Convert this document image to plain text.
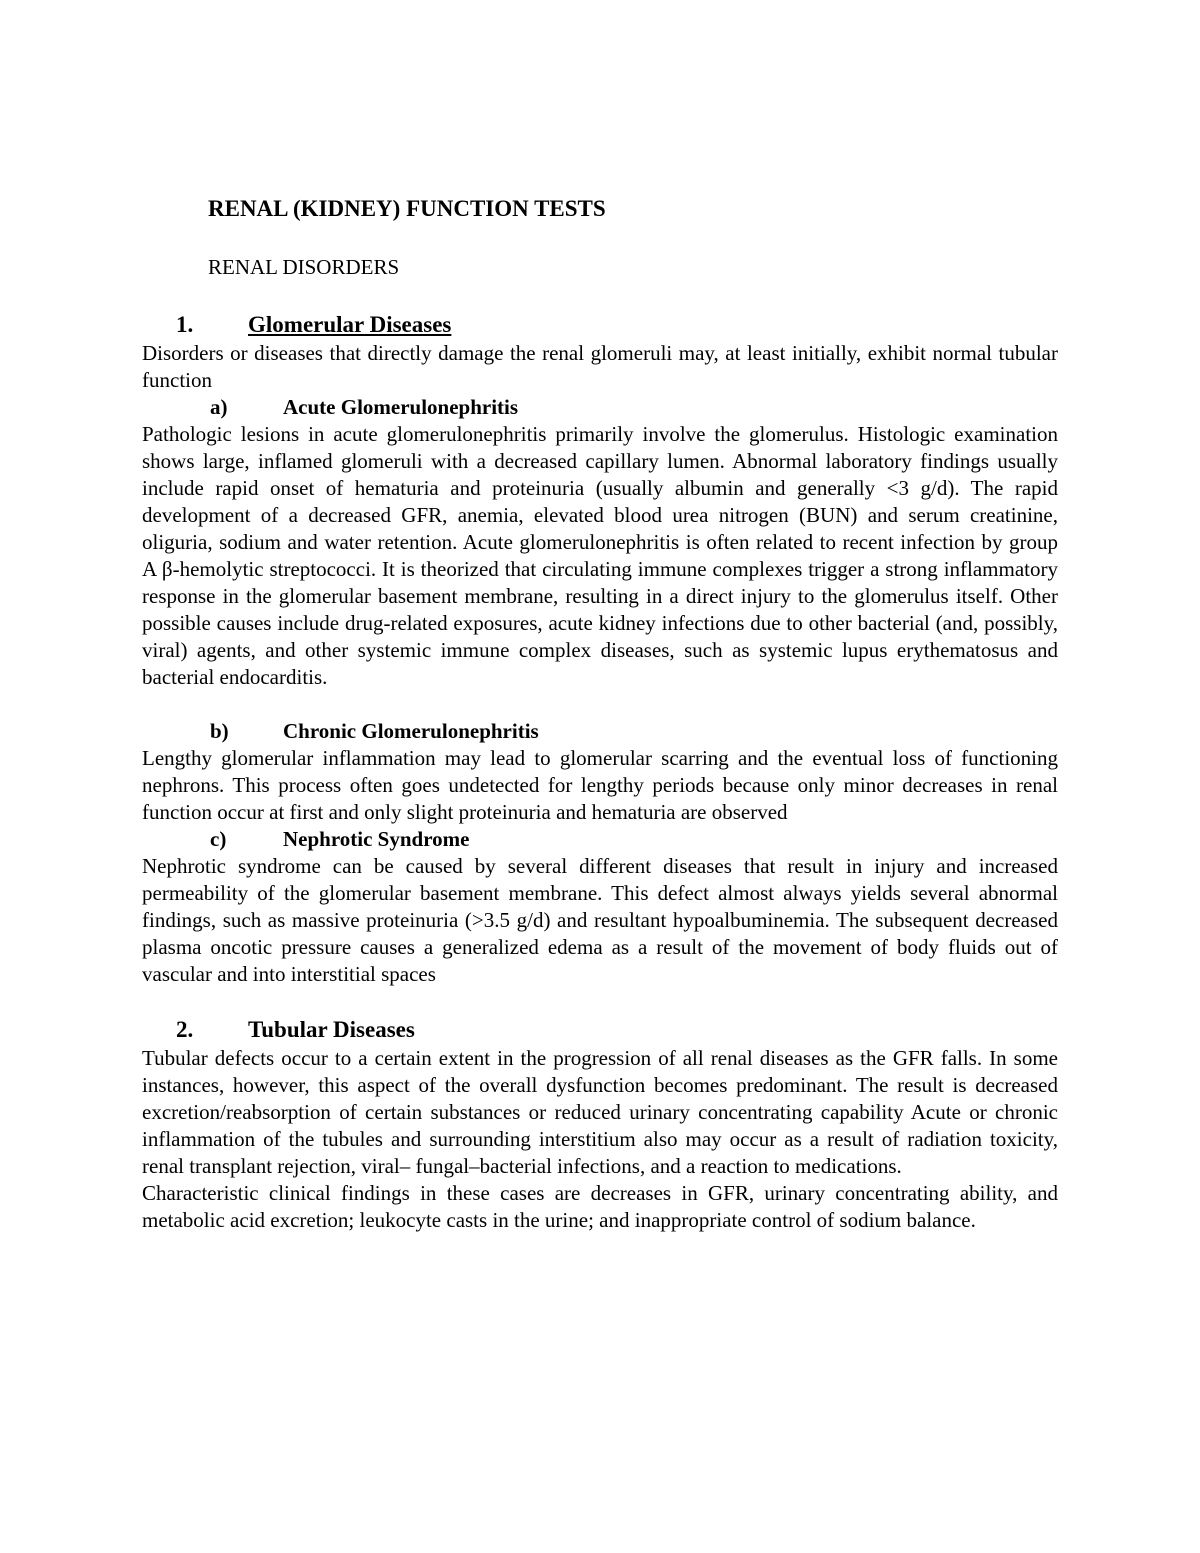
RENAL (KIDNEY) FUNCTION TESTS
RENAL DISORDERS
1. Glomerular Diseases

Disorders or diseases that directly damage the renal glomeruli may, at least initially, exhibit normal tubular function

a)	Acute Glomerulonephritis

Pathologic lesions in acute glomerulonephritis primarily involve the glomerulus. Histologic examination shows large, inflamed glomeruli with a decreased capillary lumen. Abnormal laboratory findings usually include rapid onset of hematuria and proteinuria (usually albumin and generally <3 g/d). The rapid development of a decreased GFR, anemia, elevated blood urea nitrogen (BUN) and serum creatinine, oliguria, sodium and water retention. Acute glomerulonephritis is often related to recent infection by group A β-hemolytic streptococci. It is theorized that circulating immune complexes trigger a strong inflammatory response in the glomerular basement membrane, resulting in a direct injury to the glomerulus itself. Other possible causes include drug-related exposures, acute kidney infections due to other bacterial (and, possibly, viral) agents, and other systemic immune complex diseases, such as systemic lupus erythematosus and bacterial endocarditis.

b)	Chronic Glomerulonephritis

Lengthy glomerular inflammation may lead to glomerular scarring and the eventual loss of functioning nephrons. This process often goes undetected for lengthy periods because only minor decreases in renal function occur at first and only slight proteinuria and hematuria are observed

c)	Nephrotic Syndrome

Nephrotic syndrome can be caused by several different diseases that result in injury and increased permeability of the glomerular basement membrane. This defect almost always yields several abnormal findings, such as massive proteinuria (>3.5 g/d) and resultant hypoalbuminemia. The subsequent decreased plasma oncotic pressure causes a generalized edema as a result of the movement of body fluids out of vascular and into interstitial spaces

2. Tubular Diseases

Tubular defects occur to a certain extent in the progression of all renal diseases as the GFR falls. In some instances, however, this aspect of the overall dysfunction becomes predominant. The result is decreased excretion/reabsorption of certain substances or reduced urinary concentrating capability Acute or chronic inflammation of the tubules and surrounding interstitium also may occur as a result of radiation toxicity, renal transplant rejection, viral– fungal–bacterial infections, and a reaction to medications.

Characteristic clinical findings in these cases are decreases in GFR, urinary concentrating ability, and metabolic acid excretion; leukocyte casts in the urine; and inappropriate control of sodium balance.
